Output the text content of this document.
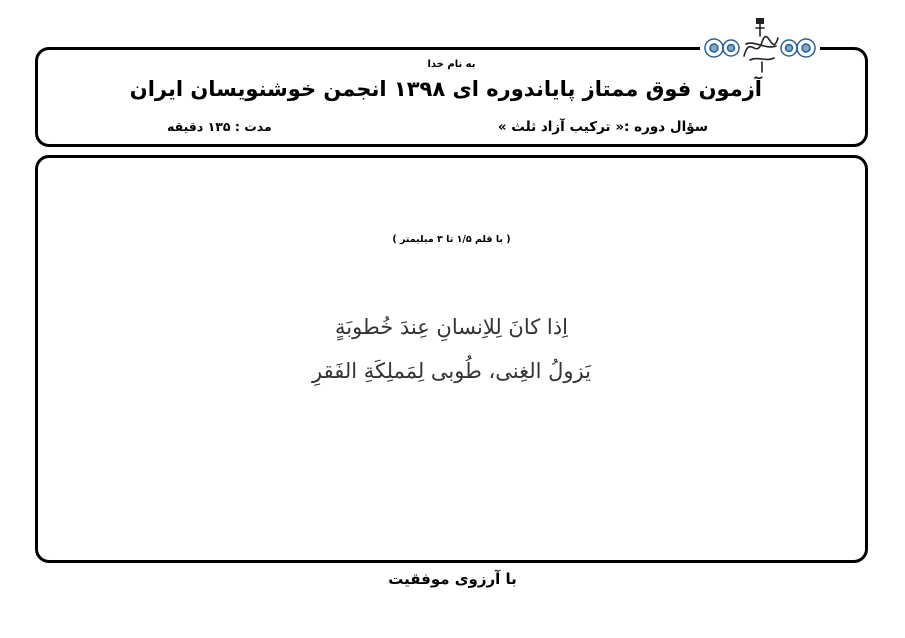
به نام خدا
آزمون فوق ممتاز پایاندوره ای ۱۳۹۸ انجمن خوشنویسان ایران
سؤال دوره :« ترکیب آزاد ثلث »
مدت : ۱۳۵ دقیقه
( با قلم ۱/۵ تا ۳ میلیمتر )
اِذا کانَ لِلاِنسانِ عِندَ خُطوبَةٍ
یَزولُ الغِنی، طُوبی لِمَملِکَةِ الفَقرِ
با آرزوی موفقیت
